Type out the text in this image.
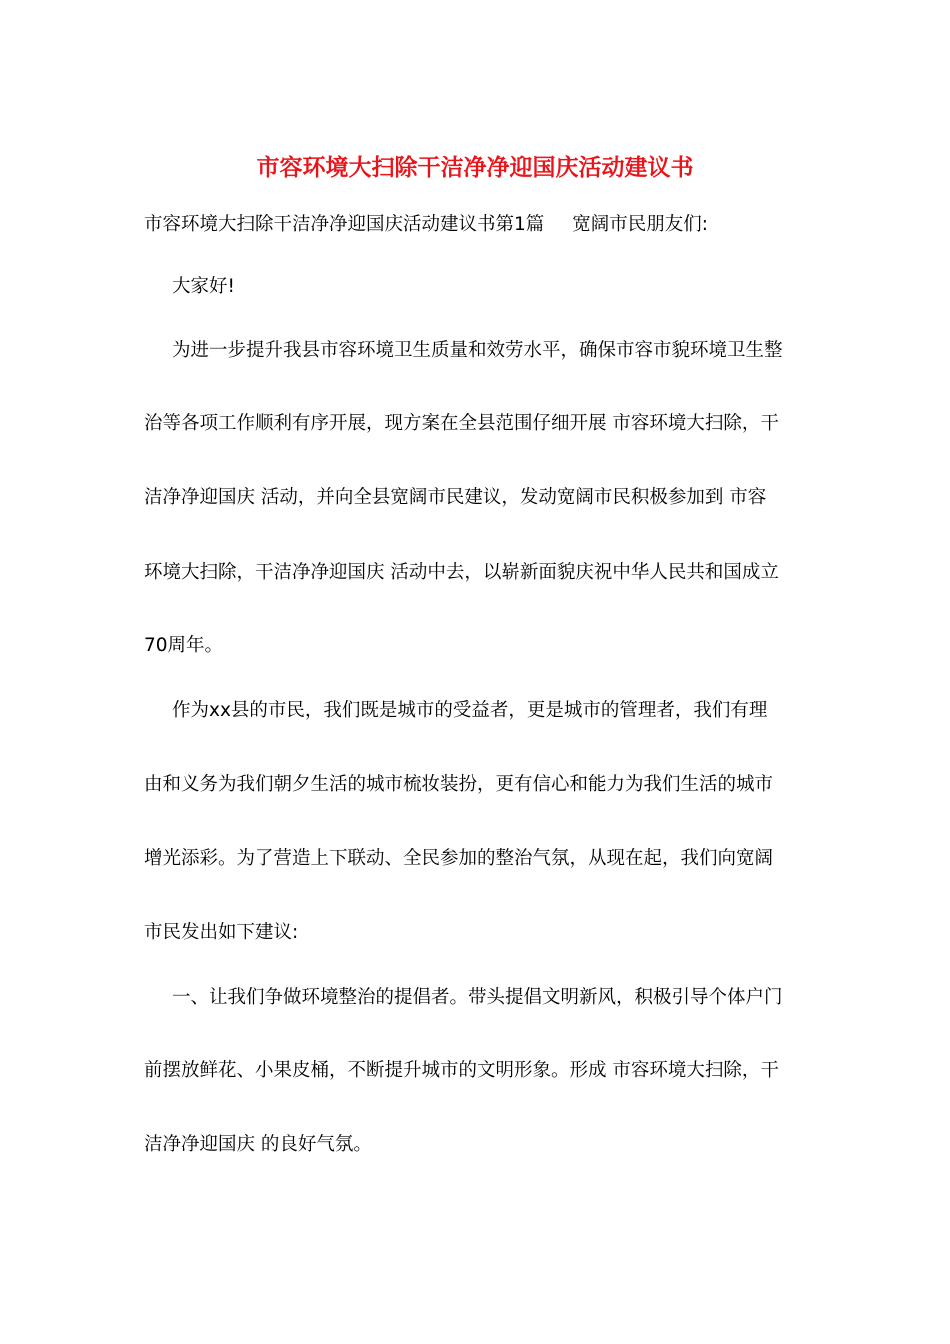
市容环境大扫除干洁净净迎国庆活动建议书
市容环境大扫除干洁净净迎国庆活动建议书第1篇 宽阔市民朋友们:
大家好!
为进一步提升我县市容环境卫生质量和效劳水平，确保市容市貌环境卫生整
治等各项工作顺利有序开展，现方案在全县范围仔细开展 市容环境大扫除，干
洁净净迎国庆 活动，并向全县宽阔市民建议，发动宽阔市民积极参加到 市容
环境大扫除，干洁净净迎国庆 活动中去，以崭新面貌庆祝中华人民共和国成立
70周年。
作为xx县的市民，我们既是城市的受益者，更是城市的管理者，我们有理
由和义务为我们朝夕生活的城市梳妆装扮，更有信心和能力为我们生活的城市
增光添彩。为了营造上下联动、全民参加的整治气氛，从现在起，我们向宽阔
市民发出如下建议:
一、让我们争做环境整治的提倡者。带头提倡文明新风，积极引导个体户门
前摆放鲜花、小果皮桶，不断提升城市的文明形象。形成 市容环境大扫除，干
洁净净迎国庆 的良好气氛。
